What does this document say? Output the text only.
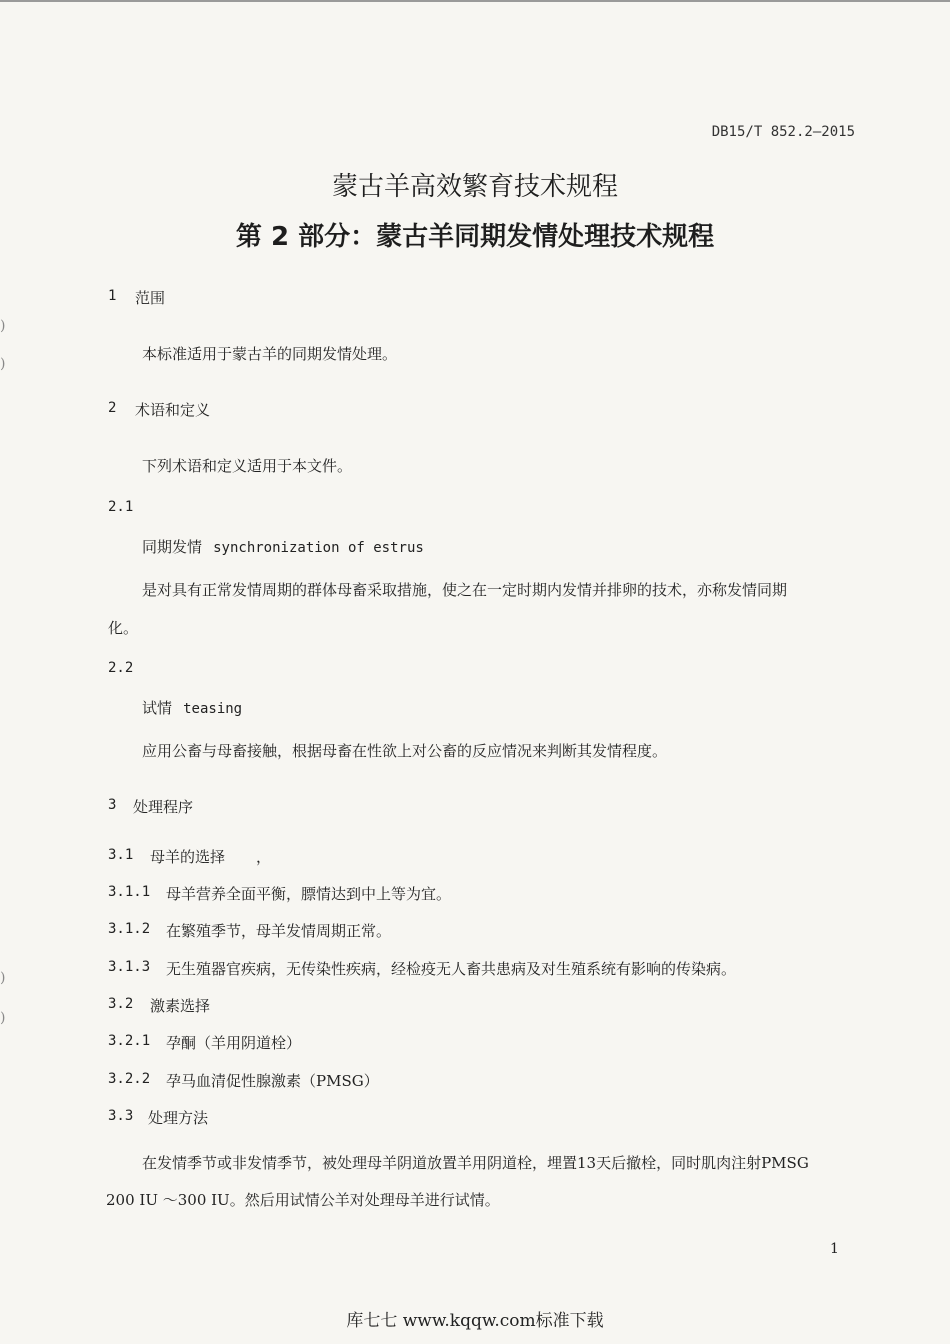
)
)
)
)
DB15/T 852.2—2015
蒙古羊高效繁育技术规程
第 2 部分：蒙古羊同期发情处理技术规程
1 范围
本标准适用于蒙古羊的同期发情处理。
2 术语和定义
下列术语和定义适用于本文件。
2.1
同期发情 synchronization of estrus
是对具有正常发情周期的群体母畜采取措施，使之在一定时期内发情并排卵的技术，亦称发情同期
化。
2.2
试情 teasing
应用公畜与母畜接触，根据母畜在性欲上对公畜的反应情况来判断其发情程度。
3 处理程序
3.1 母羊的选择 ，
3.1.1 母羊营养全面平衡，膘情达到中上等为宜。
3.1.2 在繁殖季节，母羊发情周期正常。
3.1.3 无生殖器官疾病，无传染性疾病，经检疫无人畜共患病及对生殖系统有影响的传染病。
3.2 激素选择
3.2.1 孕酮（羊用阴道栓）
3.2.2 孕马血清促性腺激素（PMSG）
3.3 处理方法
在发情季节或非发情季节，被处理母羊阴道放置羊用阴道栓，埋置13天后撤栓，同时肌肉注射PMSG
200 IU ～300 IU。然后用试情公羊对处理母羊进行试情。
1
库七七 www.kqqw.com标准下载
